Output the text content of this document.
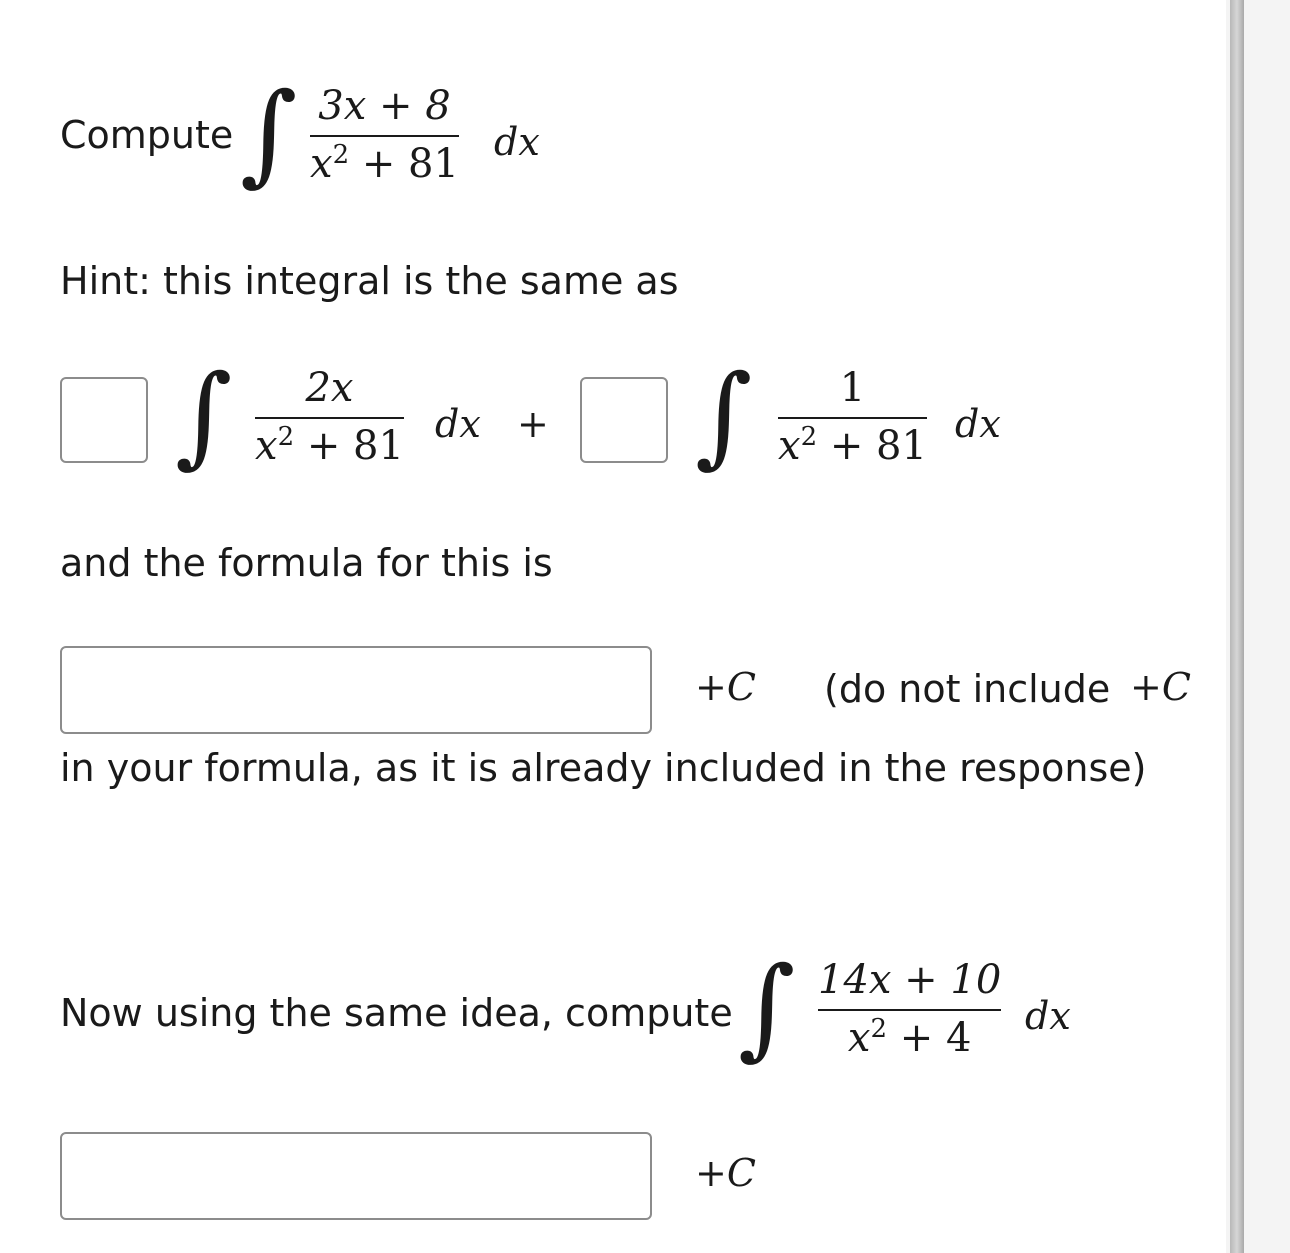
Compute ∫ 3x + 8
$x^2 + 81$ dx
Hint: this integral is the same as
∫ 2x
$x^2 + 81$ dx + ∫ 1
$x^2 + 81$ dx
and the formula for this is
+C (do not include +C
in your formula, as it is already included in the response)
Now using the same idea, compute ∫ 14x + 10
$x^2 + 4$ dx
+C
